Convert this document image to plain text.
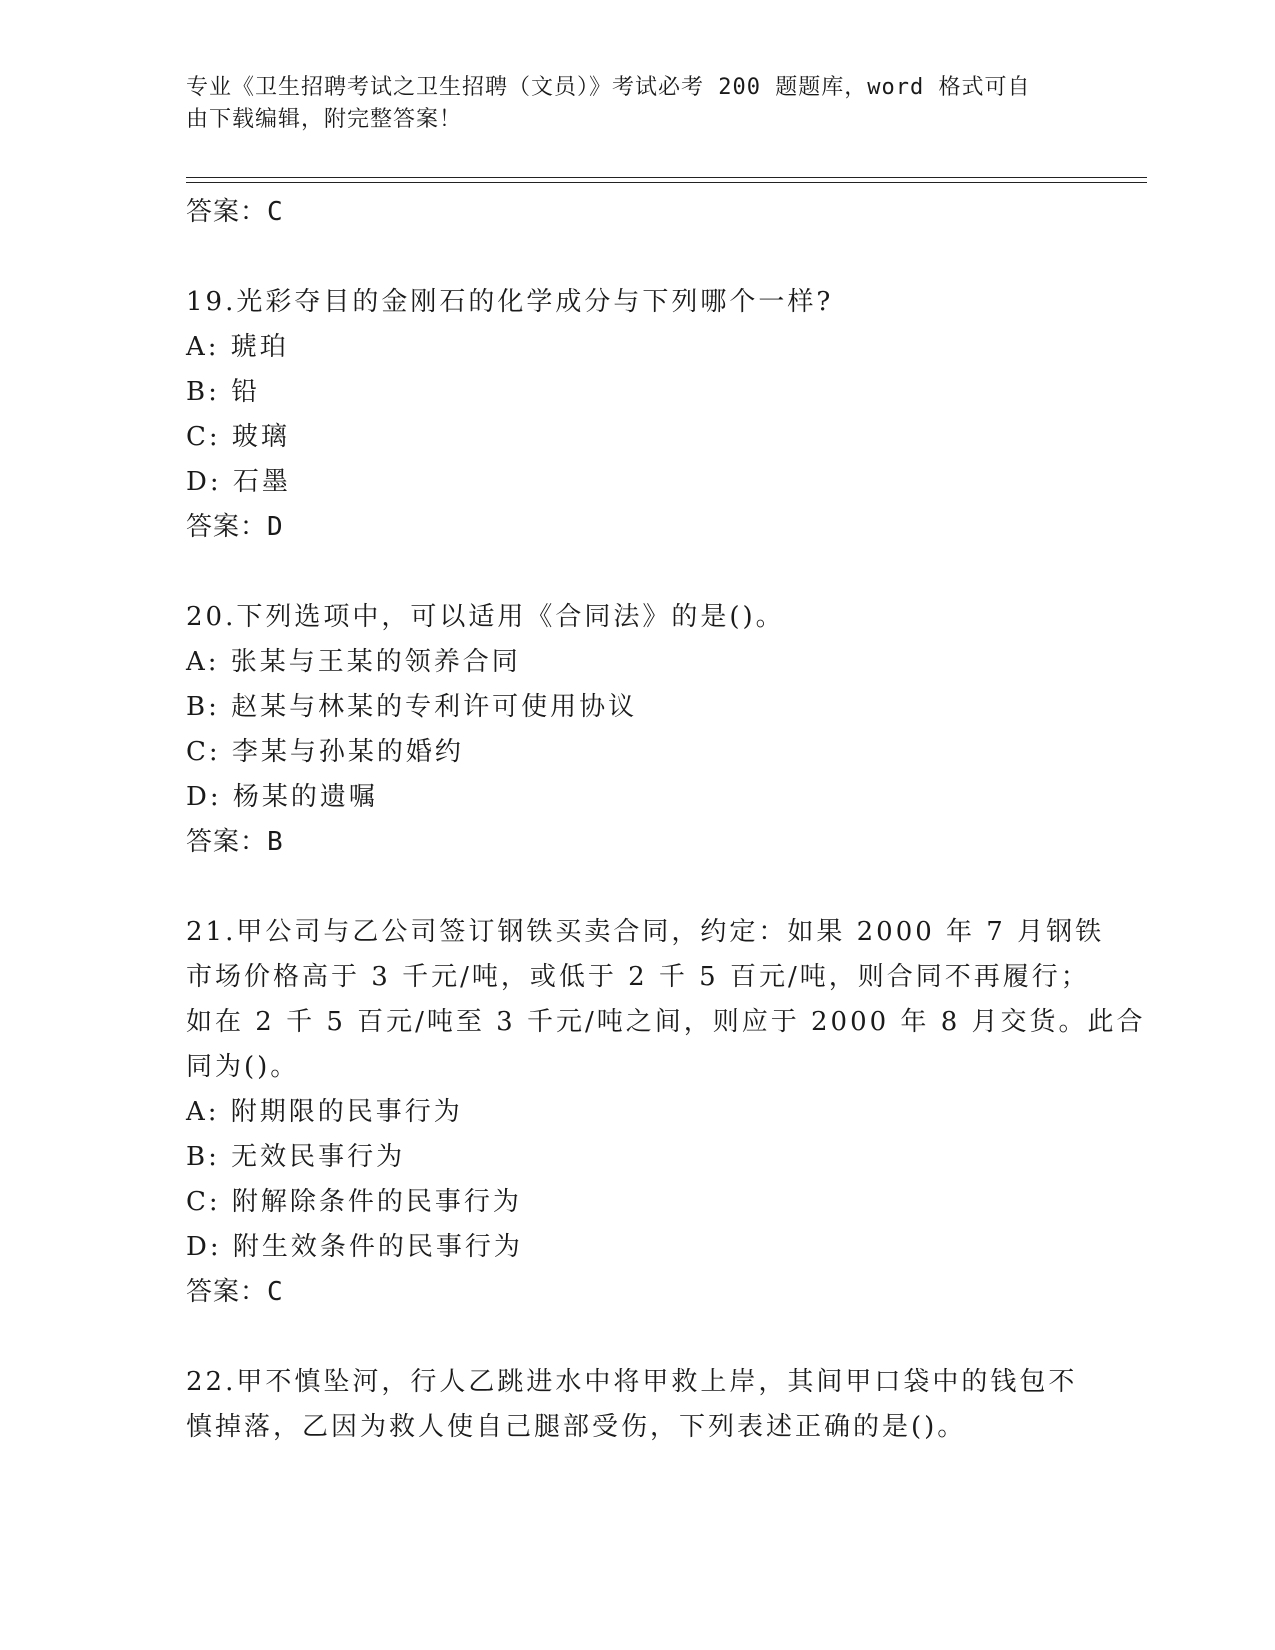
专业《卫生招聘考试之卫生招聘（文员）》考试必考 200 题题库，word 格式可自
由下载编辑，附完整答案！
答案：C
19.光彩夺目的金刚石的化学成分与下列哪个一样?
A: 琥珀
B: 铅
C: 玻璃
D: 石墨
答案：D
20.下列选项中，可以适用《合同法》的是()。
A: 张某与王某的领养合同
B: 赵某与林某的专利许可使用协议
C: 李某与孙某的婚约
D: 杨某的遗嘱
答案：B
21.甲公司与乙公司签订钢铁买卖合同，约定：如果 2000 年 7 月钢铁
市场价格高于 3 千元/吨，或低于 2 千 5 百元/吨，则合同不再履行；
如在 2 千 5 百元/吨至 3 千元/吨之间，则应于 2000 年 8 月交货。此合
同为()。
A: 附期限的民事行为
B: 无效民事行为
C: 附解除条件的民事行为
D: 附生效条件的民事行为
答案：C
22.甲不慎坠河，行人乙跳进水中将甲救上岸，其间甲口袋中的钱包不
慎掉落，乙因为救人使自己腿部受伤，下列表述正确的是()。
